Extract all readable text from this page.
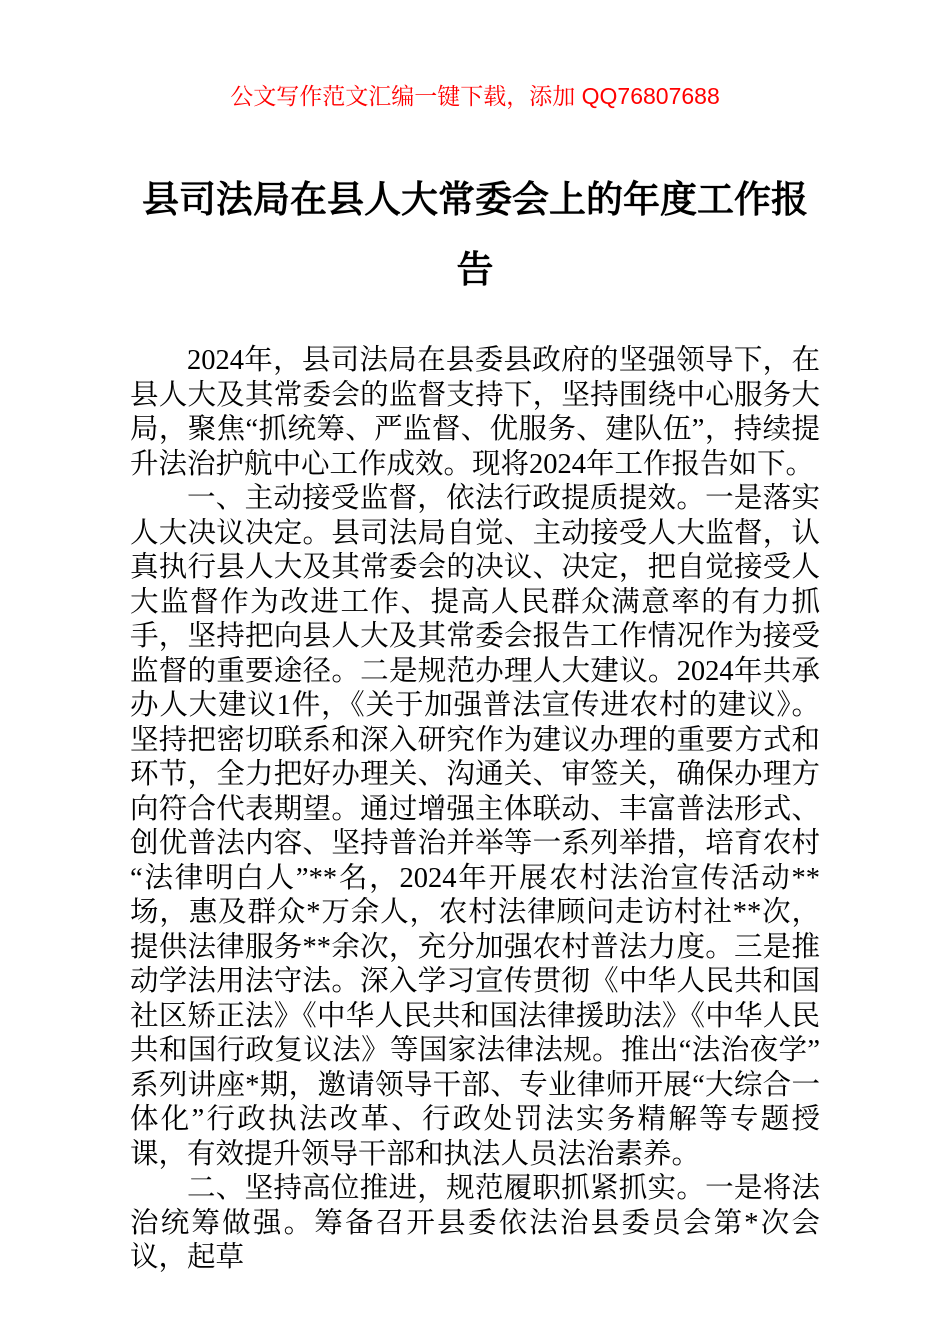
公文写作范文汇编一键下载，添加 QQ76807688
县司法局在县人大常委会上的年度工作报告

2024年，县司法局在县委县政府的坚强领导下，在县人大及其常委会的监督支持下，坚持围绕中心服务大局，聚焦“抓统筹、严监督、优服务、建队伍”，持续提升法治护航中心工作成效。现将2024年工作报告如下。

一、主动接受监督，依法行政提质提效。一是落实人大决议决定。县司法局自觉、主动接受人大监督，认真执行县人大及其常委会的决议、决定，把自觉接受人大监督作为改进工作、提高人民群众满意率的有力抓手，坚持把向县人大及其常委会报告工作情况作为接受监督的重要途径。二是规范办理人大建议。2024年共承办人大建议1件，《关于加强普法宣传进农村的建议》。坚持把密切联系和深入研究作为建议办理的重要方式和环节，全力把好办理关、沟通关、审签关，确保办理方向符合代表期望。通过增强主体联动、丰富普法形式、创优普法内容、坚持普治并举等一系列举措，培育农村“法律明白人”**名，2024年开展农村法治宣传活动**场，惠及群众*万余人，农村法律顾问走访村社**次，提供法律服务**余次，充分加强农村普法力度。三是推动学法用法守法。深入学习宣传贯彻《中华人民共和国社区矫正法》《中华人民共和国法律援助法》《中华人民共和国行政复议法》等国家法律法规。推出“法治夜学”系列讲座*期，邀请领导干部、专业律师开展“大综合一体化”行政执法改革、行政处罚法实务精解等专题授课，有效提升领导干部和执法人员法治素养。

二、坚持高位推进，规范履职抓紧抓实。一是将法治统筹做强。筹备召开县委依法治县委员会第*次会议，起草
